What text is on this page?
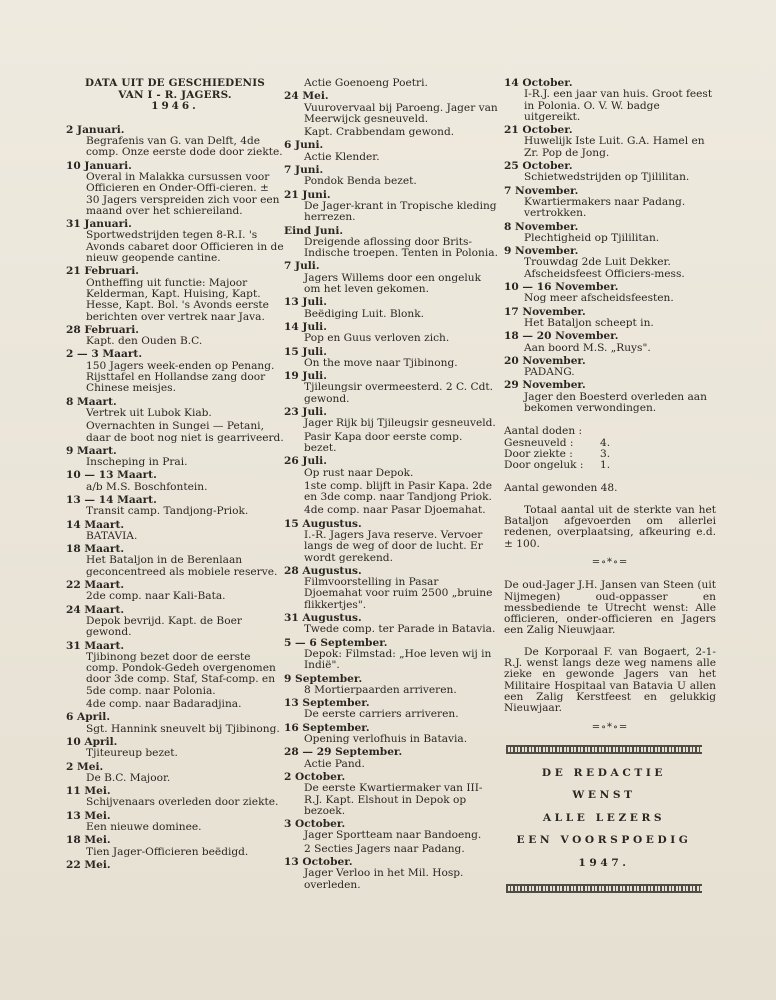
DATA UIT DE GESCHIEDENIS
VAN I - R. JAGERS.
1946.
2 Januari.
Begrafenis van G. van Delft, 4de comp. Onze eerste dode door ziekte.
10 Januari.
Overal in Malakka cursussen voor Officieren en Onder-Offi-cieren. ± 30 Jagers verspreiden zich voor een maand over het schiereiland.
31 Januari.
Sportwedstrijden tegen 8-R.I. 's Avonds cabaret door Officieren in de nieuw geopende cantine.
21 Februari.
Ontheffing uit functie: Majoor Kelderman, Kapt. Huising, Kapt. Hesse, Kapt. Bol. 's Avonds eerste berichten over vertrek naar Java.
28 Februari.
Kapt. den Ouden B.C.
2 — 3 Maart.
150 Jagers week-enden op Penang. Rijsttafel en Hollandse zang door Chinese meisjes.
8 Maart.
Vertrek uit Lubok Kiab.
Overnachten in Sungei — Petani, daar de boot nog niet is gearriveerd.
9 Maart.
Inscheping in Prai.
10 — 13 Maart.
a/b M.S. Boschfontein.
13 — 14 Maart.
Transit camp. Tandjong-Priok.
14 Maart.
BATAVIA.
18 Maart.
Het Bataljon in de Berenlaan geconcentreed als mobiele reserve.
22 Maart.
2de comp. naar Kali-Bata.
24 Maart.
Depok bevrijd. Kapt. de Boer gewond.
31 Maart.
Tjibinong bezet door de eerste comp. Pondok-Gedeh overgenomen door 3de comp. Staf, Staf-comp. en 5de comp. naar Polonia.
4de comp. naar Badaradjina.
6 April.
Sgt. Hannink sneuvelt bij Tjibinong.
10 April.
Tjiteureup bezet.
2 Mei.
De B.C. Majoor.
11 Mei.
Schijvenaars overleden door ziekte.
13 Mei.
Een nieuwe dominee.
18 Mei.
Tien Jager-Officieren beëdigd.
22 Mei.
Actie Goenoeng Poetri.
24 Mei.
Vuurovervaal bij Paroeng. Jager van Meerwijck gesneuveld.
Kapt. Crabbendam gewond.
6 Juni.
Actie Klender.
7 Juni.
Pondok Benda bezet.
21 Juni.
De Jager-krant in Tropische kleding herrezen.
Eind Juni.
Dreigende aflossing door Brits-Indische troepen. Tenten in Polonia.
7 Juli.
Jagers Willems door een ongeluk om het leven gekomen.
13 Juli.
Beëdiging Luit. Blonk.
14 Juli.
Pop en Guus verloven zich.
15 Juli.
On the move naar Tjibinong.
19 Juli.
Tjileungsir overmeesterd. 2 C. Cdt. gewond.
23 Juli.
Jager Rijk bij Tjileugsir gesneuveld.
Pasir Kapa door eerste comp. bezet.
26 Juli.
Op rust naar Depok.
1ste comp. blijft in Pasir Kapa. 2de en 3de comp. naar Tandjong Priok.
4de comp. naar Pasar Djoemahat.
15 Augustus.
I.-R. Jagers Java reserve. Vervoer langs de weg of door de lucht. Er wordt gerekend.
28 Augustus.
Filmvoorstelling in Pasar Djoemahat voor ruim 2500 „bruine flikkertjes".
31 Augustus.
Twede comp. ter Parade in Batavia.
5 — 6 September.
Depok: Filmstad: „Hoe leven wij in Indië".
9 September.
8 Mortierpaarden arriveren.
13 September.
De eerste carriers arriveren.
16 September.
Opening verlofhuis in Batavia.
28 — 29 September.
Actie Pand.
2 October.
De eerste Kwartiermaker van III-R.J. Kapt. Elshout in Depok op bezoek.
3 October.
Jager Sportteam naar Bandoeng.
2 Secties Jagers naar Padang.
13 October.
Jager Verloo in het Mil. Hosp. overleden.
14 October.
I-R.J. een jaar van huis. Groot feest in Polonia. O. V. W. badge uitgereikt.
21 October.
Huwelijk Iste Luit. G.A. Hamel en Zr. Pop de Jong.
25 October.
Schietwedstrijden op Tjililitan.
7 November.
Kwartiermakers naar Padang. vertrokken.
8 November.
Plechtigheid op Tjililitan.
9 November.
Trouwdag 2de Luit Dekker. Afscheidsfeest Officiers-mess.
10 — 16 November.
Nog meer afscheidsfeesten.
17 November.
Het Bataljon scheept in.
18 — 20 November.
Aan boord M.S. „Ruys".
20 November.
PADANG.
29 November.
Jager den Boesterd overleden aan bekomen verwondingen.
Aantal doden :
Gesneuveld :	4.
Door ziekte :	3.
Door ongeluk :	1.
Aantal gewonden 48.
Totaal aantal uit de sterkte van het Bataljon afgevoerden om allerlei redenen, overplaatsing, afkeuring e.d. ± 100.
=∘*∘=
De oud-Jager J.H. Jansen van Steen (uit Nijmegen) oud-oppasser en messbediende te Utrecht wenst: Alle officieren, onder-officieren en Jagers een Zalig Nieuwjaar.
De Korporaal F. van Bogaert, 2-1-R.J. wenst langs deze weg namens alle zieke en gewonde Jagers van het Militaire Hospitaal van Batavia U allen een Zalig Kerstfeest en gelukkig Nieuwjaar.
=∘*∘=
DE REDACTIE
WENST
ALLE LEZERS
EEN VOORSPOEDIG
1947.
